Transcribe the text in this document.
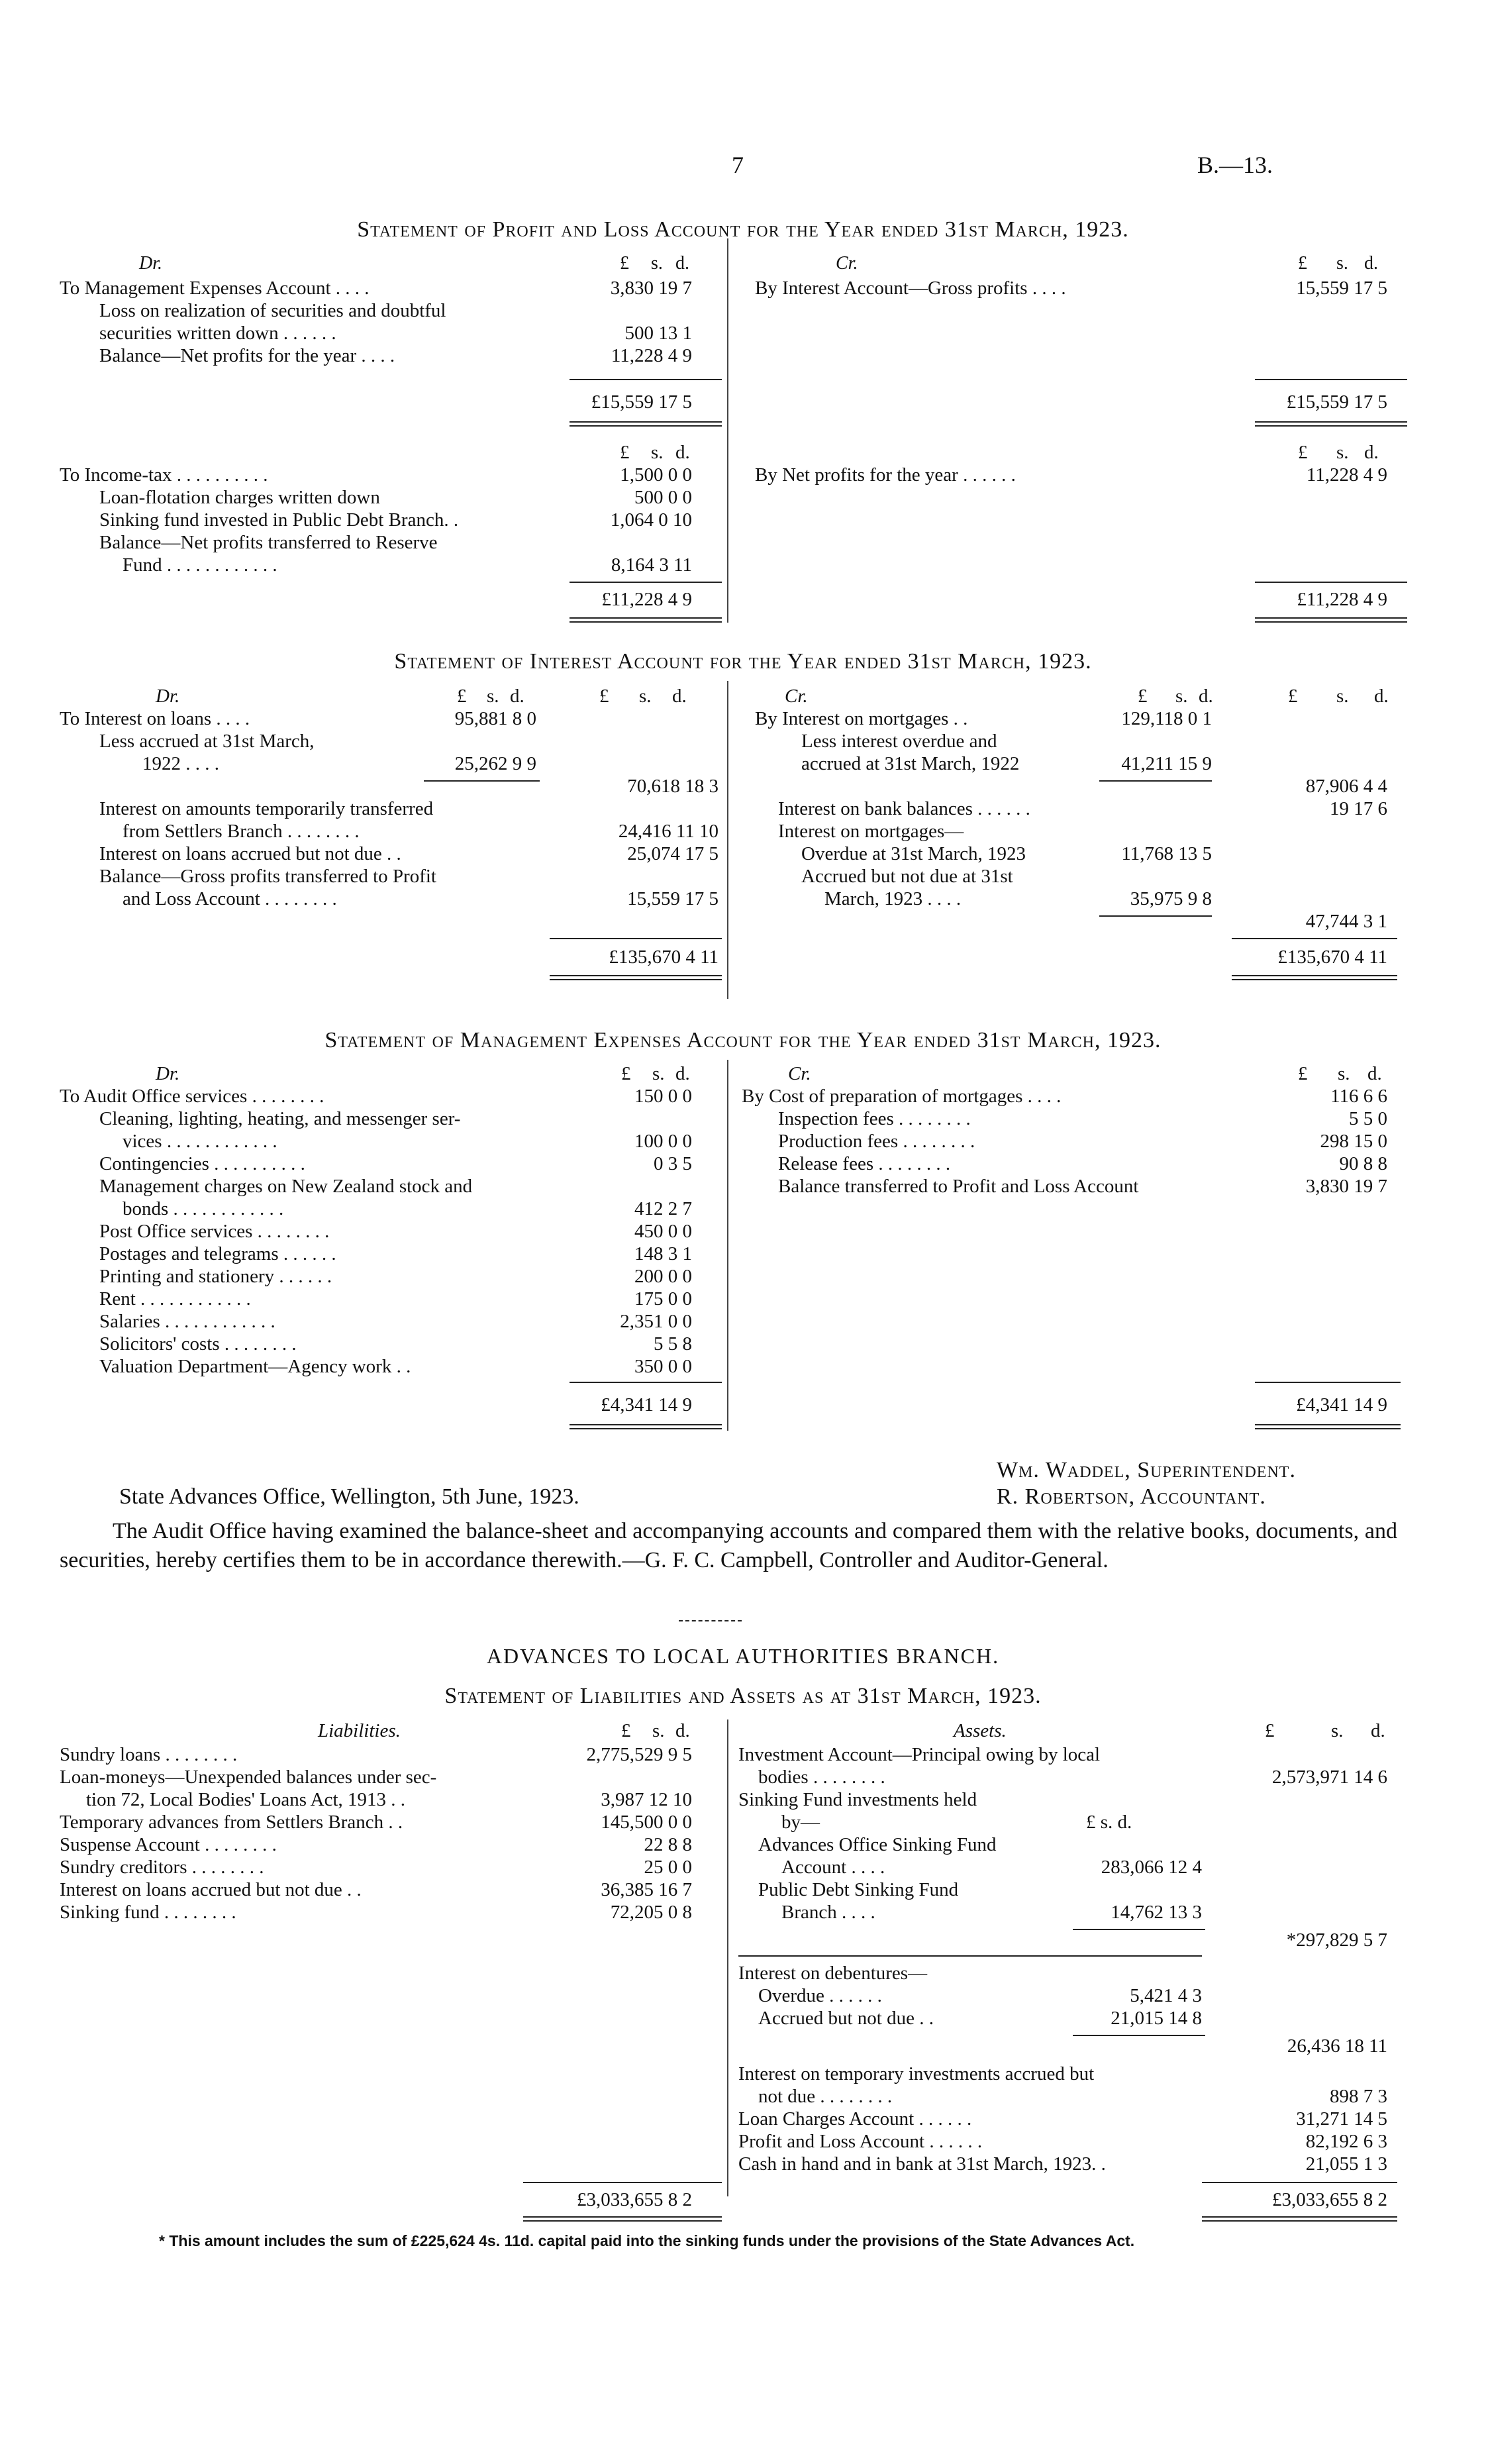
7	B.—13.
Statement of Profit and Loss Account for the Year ended 31st March, 1923.
Dr.	£ s. d.	Cr.	£ s. d.
To Management Expenses Account . . . .	3,830 19 7
Loss on realization of securities and doubtful
securities written down . . . . . .	500 13 1
Balance—Net profits for the year . . . .	11,228 4 9
By Interest Account—Gross profits . . . .	15,559 17 5
£15,559 17 5	£15,559 17 5
£ s. d.	£ s. d.
To Income-tax . . . . . . . . . .	1,500 0 0
Loan-flotation charges written down	500 0 0
Sinking fund invested in Public Debt Branch. .	1,064 0 10
Balance—Net profits transferred to Reserve
Fund . . . . . . . . . . . .	8,164 3 11
By Net profits for the year . . . . . .	11,228 4 9
£11,228 4 9	£11,228 4 9
Statement of Interest Account for the Year ended 31st March, 1923.
Dr.	£ s. d.	£ s. d.	Cr.	£ s. d.	£ s. d.
To Interest on loans . . . .	95,881 8 0
Less accrued at 31st March,
1922 . . . .	25,262 9 9
70,618 18 3
Interest on amounts temporarily transferred
from Settlers Branch . . . . . . . .	24,416 11 10
Interest on loans accrued but not due . .	25,074 17 5
Balance—Gross profits transferred to Profit
and Loss Account . . . . . . . .	15,559 17 5
By Interest on mortgages . .	129,118 0 1
Less interest overdue and
accrued at 31st March, 1922	41,211 15 9
87,906 4 4
Interest on bank balances . . . . . .	19 17 6
Interest on mortgages—
Overdue at 31st March, 1923	11,768 13 5
Accrued but not due at 31st
March, 1923 . . . .	35,975 9 8
47,744 3 1
£135,670 4 11	£135,670 4 11
Statement of Management Expenses Account for the Year ended 31st March, 1923.
Dr.	£ s. d.	Cr.	£ s. d.
To Audit Office services . . . . . . . .	150 0 0
Cleaning, lighting, heating, and messenger ser-
vices . . . . . . . . . . . .	100 0 0
Contingencies . . . . . . . . . .	0 3 5
Management charges on New Zealand stock and
bonds . . . . . . . . . . . .	412 2 7
Post Office services . . . . . . . .	450 0 0
Postages and telegrams . . . . . .	148 3 1
Printing and stationery . . . . . .	200 0 0
Rent . . . . . . . . . . . .	175 0 0
Salaries . . . . . . . . . . . .	2,351 0 0
Solicitors' costs . . . . . . . .	5 5 8
Valuation Department—Agency work . .	350 0 0
By Cost of preparation of mortgages . . . .	116 6 6
Inspection fees . . . . . . . .	5 5 0
Production fees . . . . . . . .	298 15 0
Release fees . . . . . . . .	90 8 8
Balance transferred to Profit and Loss Account	3,830 19 7
£4,341 14 9	£4,341 14 9
Wm. Waddel, Superintendent.
State Advances Office, Wellington, 5th June, 1923.	R. Robertson, Accountant.
The Audit Office having examined the balance-sheet and accompanying accounts and compared them with the relative books, documents, and securities, hereby certifies them to be in accordance therewith.—G. F. C. Campbell, Controller and Auditor-General.
ADVANCES TO LOCAL AUTHORITIES BRANCH.
Statement of Liabilities and Assets as at 31st March, 1923.
Liabilities.	£ s. d.	Assets.	£	s. d.
Sundry loans . . . . . . . .	2,775,529 9 5
Loan-moneys—Unexpended balances under sec-
tion 72, Local Bodies' Loans Act, 1913 . .	3,987 12 10
Temporary advances from Settlers Branch . .	145,500 0 0
Suspense Account . . . . . . . .	22 8 8
Sundry creditors . . . . . . . .	25 0 0
Interest on loans accrued but not due . .	36,385 16 7
Sinking fund . . . . . . . .	72,205 0 8
Investment Account—Principal owing by local
bodies . . . . . . . .	2,573,971 14 6
Sinking Fund investments held
by—	£ s. d.
Advances Office Sinking Fund
Account . . . .	283,066 12 4
Public Debt Sinking Fund
Branch . . . .	14,762 13 3
*297,829 5 7
Interest on debentures—
Overdue . . . . . .	5,421 4 3
Accrued but not due . .	21,015 14 8
26,436 18 11
Interest on temporary investments accrued but
not due . . . . . . . .	898 7 3
Loan Charges Account . . . . . .	31,271 14 5
Profit and Loss Account . . . . . .	82,192 6 3
Cash in hand and in bank at 31st March, 1923. .	21,055 1 3
£3,033,655 8 2	£3,033,655 8 2
* This amount includes the sum of £225,624 4s. 11d. capital paid into the sinking funds under the provisions of the State Advances Act.
